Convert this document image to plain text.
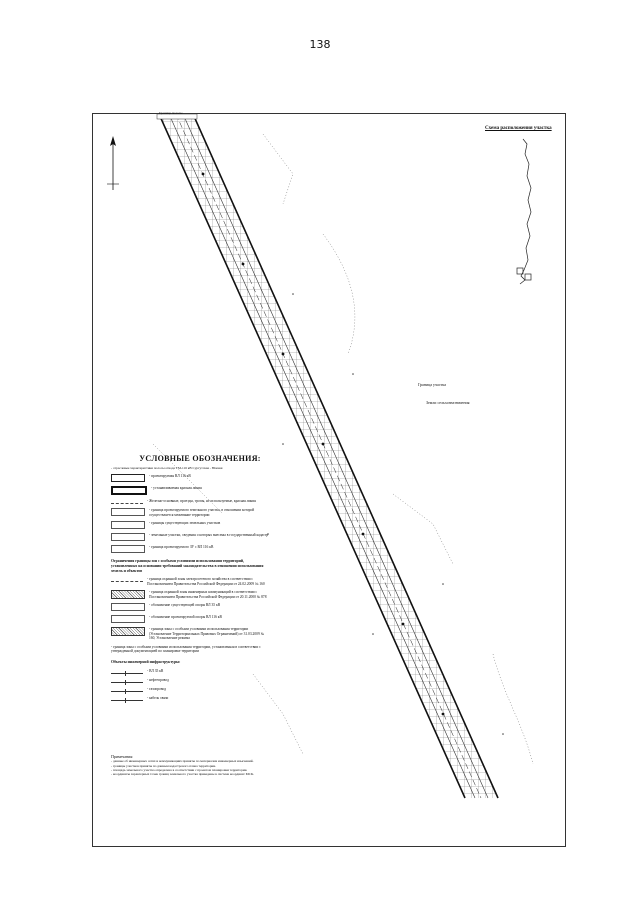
138
Схема расположения участка
Граница полосы
Граница участка
Земли сельхозназначения
УСЛОВНЫЕ ОБОЗНАЧЕНИЯ:
- отраслевые характеристики полосы отвода ТМ-116 кВ Сургутская - Южная
- проектируемая ВЛ 116 кВ
- устанавливаемая красная линия
- Железно-основные, проезды, тропы, не используемые, красная линия
- граница проектируемого земельного участка, в отношении которой осуществляется межевание территории
- границы существующих земельных участков
- земельные участки, сведения о которых внесены в государственный кадастр
- граница проектируемого ЗУ с ВЛ 116 кВ
Ограничения границы зон с особыми условиями использования территорий, установленных на основании требований законодательства в отношении использования земель и объектов
- граница охранной зоны электросетевого хозяйства в соответствии с Постановлением Правительства Российской Федерации от 24.02.2009 № 160
- граница охранной зоны инженерных коммуникаций в соответствии с Постановлением Правительства Российской Федерации от 20.11.2000 № 878
- обозначение существующей опоры ВЛ 35 кВ
- обозначение проектируемой опоры ВЛ 116 кВ
- граница зоны с особыми условиями использования территории (Установление Территориальных Правовых Ограничений) от 31.03.2009 № 160, Установление режима
- граница зоны с особыми условиями использования территории, установленная в соответствии с утвержденной документацией по планировке территории
Объекты инженерной инфраструктуры:
- ВЛ 35 кВ
- нефтепровод
- газопровод
- кабель связи
Примечания:
- данные об инженерных сетях и коммуникациях приняты по материалам инженерных изысканий.
- границы участков приняты по данным кадастрового плана территории.
- площадь земельного участка определена в соответствии с проектом планировки территории.
- координаты характерных точек границ земельного участка приведены в системе координат МСК.
